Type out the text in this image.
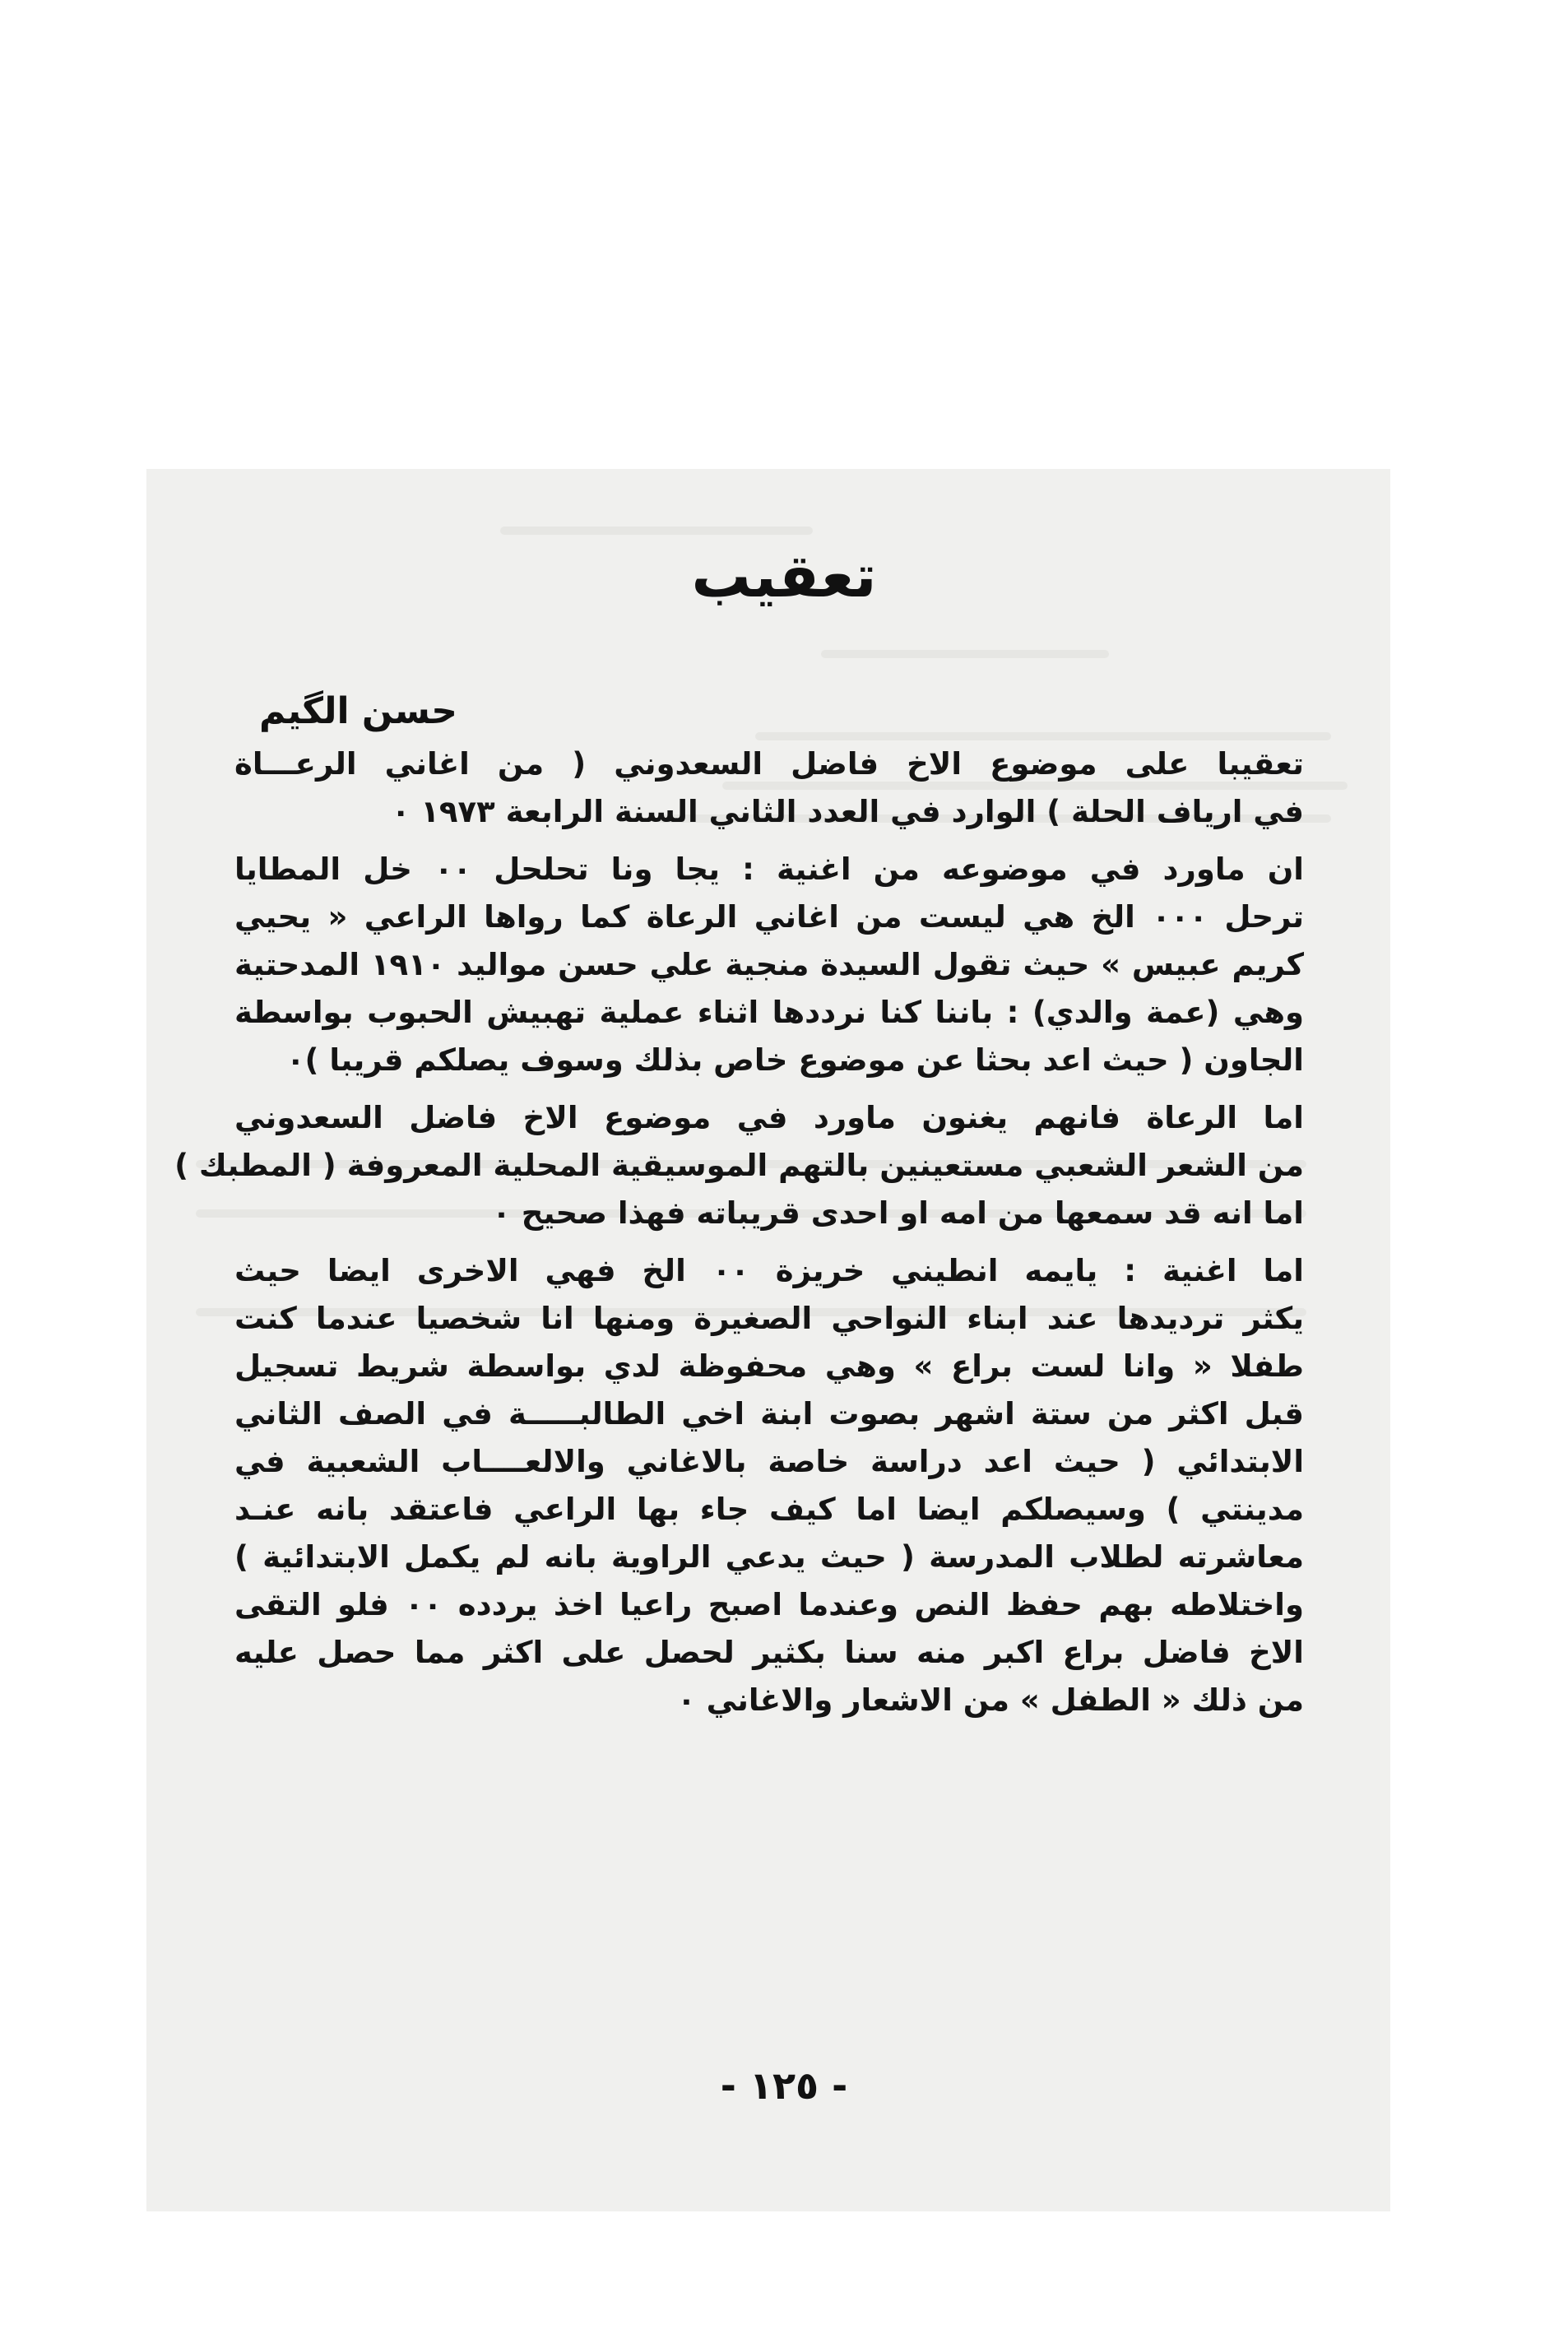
تعقيب

حسن الگيم

تعقيبا على موضوع الاخ فاضل السعدوني ( من اغاني الرعـــاة
في ارياف الحلة ) الوارد في العدد الثاني السنة الرابعة ١٩٧٣ ٠

ان ماورد في موضوعه من اغنية : يجا ونا تحلحل ٠٠ خل المطايا
ترحل ٠٠٠ الخ هي ليست من اغاني الرعاة كما رواها الراعي « يحيي
كريم عبيس » حيث تقول السيدة منجية علي حسن مواليد ١٩١٠ المدحتية
وهي (عمة والدي) : باننا كنا نرددها اثناء عملية تهبيش الحبوب بواسطة
الجاون ( حيث اعد بحثا عن موضوع خاص بذلك وسوف يصلكم قريبا )٠

اما الرعاة فانهم يغنون ماورد في موضوع الاخ فاضل السعدوني
من الشعر الشعبي مستعينين بالتهم الموسيقية المحلية المعروفة ( المطبك )
اما انه قد سمعها من امه او احدى قريباته فهذا صحيح ٠

اما اغنية : يايمه انطيني خريزة ٠٠ الخ فهي الاخرى ايضا حيث
يكثر ترديدها عند ابناء النواحي الصغيرة ومنها انا شخصيا عندما كنت
طفلا « وانا لست براع » وهي محفوظة لدي بواسطة شريط تسجيل
قبل اكثر من ستة اشهر بصوت ابنة اخي الطالبـــــة في الصف الثاني
الابتدائي ( حيث اعد دراسة خاصة بالاغاني والالعــــاب الشعبية في
مدينتي ) وسيصلكم ايضا اما كيف جاء بها الراعي فاعتقد بانه عنـد
معاشرته لطلاب المدرسة ( حيث يدعي الراوية بانه لم يكمل الابتدائية )
واختلاطه بهم حفظ النص وعندما اصبح راعيا اخذ يردده ٠٠ فلو التقى
الاخ فاضل براع اكبر منه سنا بكثير لحصل على اكثر مما حصل عليه
من ذلك « الطفل » من الاشعار والاغاني ٠

- ١٢٥ -
